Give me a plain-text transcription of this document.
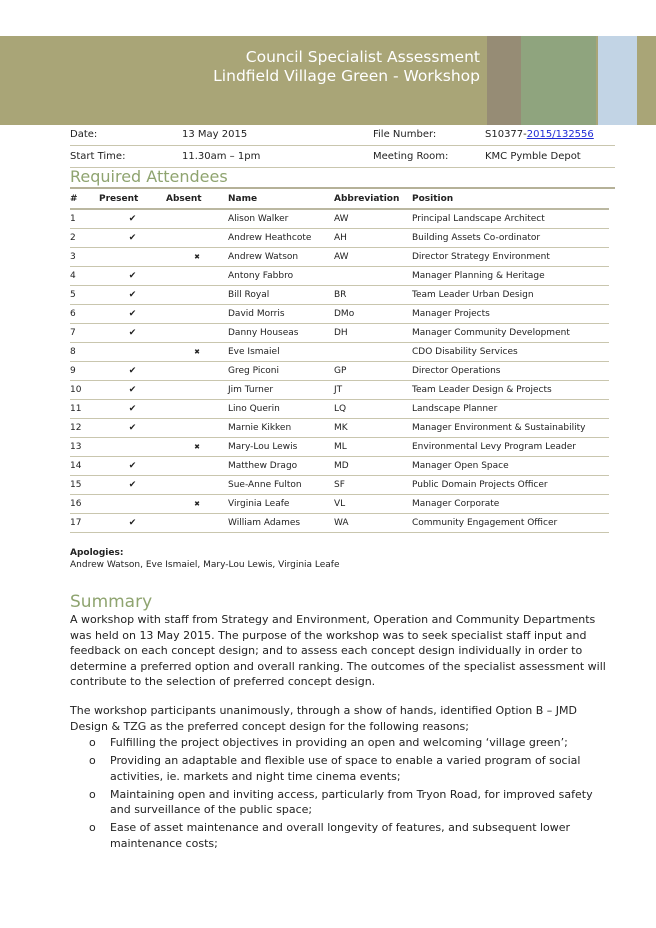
Council Specialist Assessment
Lindfield Village Green - Workshop
Date:	13 May 2015	File Number:	S10377-2015/132556
Start Time:	11.30am – 1pm	Meeting Room:	KMC Pymble Depot
Required Attendees
#	Present	Absent	Name	Abbreviation	Position
1	✔		Alison Walker	AW	Principal Landscape Architect
2	✔		Andrew Heathcote	AH	Building Assets Co-ordinator
3		✖	Andrew Watson	AW	Director Strategy Environment
4	✔		Antony Fabbro		Manager Planning & Heritage
5	✔		Bill Royal	BR	Team Leader Urban Design
6	✔		David Morris	DMo	Manager Projects
7	✔		Danny Houseas	DH	Manager Community Development
8		✖	Eve Ismaiel		CDO Disability Services
9	✔		Greg Piconi	GP	Director Operations
10	✔		Jim Turner	JT	Team Leader Design & Projects
11	✔		Lino Querin	LQ	Landscape Planner
12	✔		Marnie Kikken	MK	Manager Environment & Sustainability
13		✖	Mary-Lou Lewis	ML	Environmental Levy Program Leader
14	✔		Matthew Drago	MD	Manager Open Space
15	✔		Sue-Anne Fulton	SF	Public Domain Projects Officer
16		✖	Virginia Leafe	VL	Manager Corporate
17	✔		William Adames	WA	Community Engagement Officer
Apologies:
Andrew Watson, Eve Ismaiel, Mary-Lou Lewis, Virginia Leafe
Summary
A workshop with staff from Strategy and Environment, Operation and Community Departments was held on 13 May 2015. The purpose of the workshop was to seek specialist staff input and feedback on each concept design; and to assess each concept design individually in order to determine a preferred option and overall ranking. The outcomes of the specialist assessment will contribute to the selection of preferred concept design.
The workshop participants unanimously, through a show of hands, identified Option B – JMD Design & TZG as the preferred concept design for the following reasons;
o Fulfilling the project objectives in providing an open and welcoming ‘village green’;
o Providing an adaptable and flexible use of space to enable a varied program of social activities, ie. markets and night time cinema events;
o Maintaining open and inviting access, particularly from Tryon Road, for improved safety and surveillance of the public space;
o Ease of asset maintenance and overall longevity of features, and subsequent lower maintenance costs;
